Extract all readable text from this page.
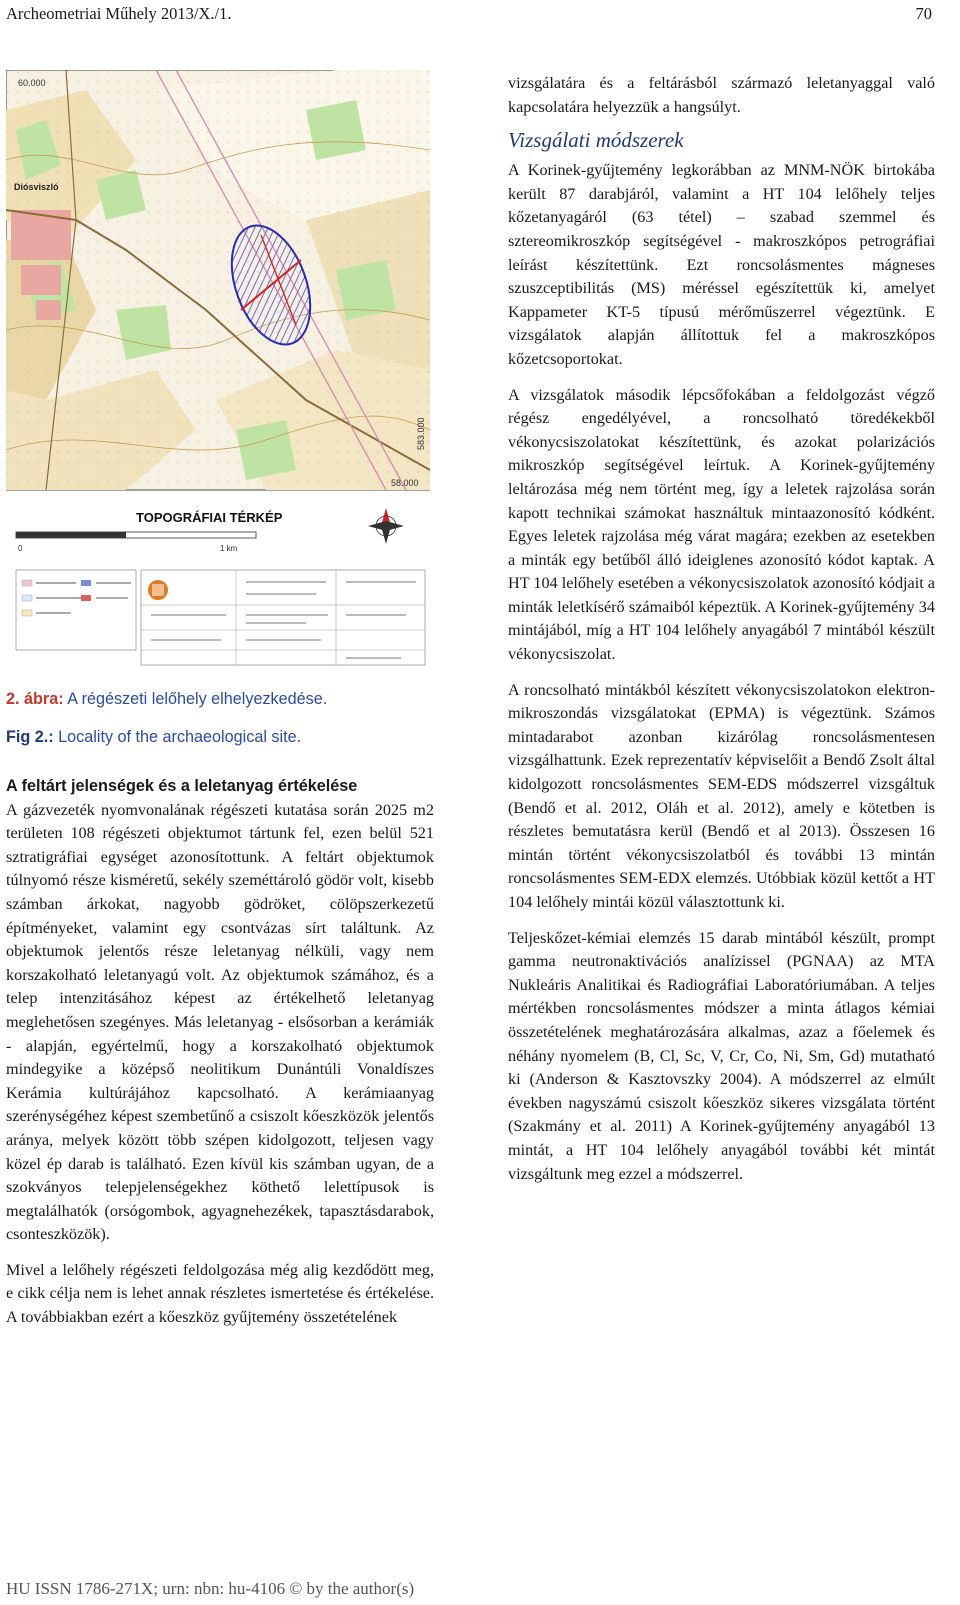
Archeometriai Műhely 2013/X./1.	70
60.000
Diósviszló
58.000
583.000
TOPOGRÁFIAI TÉRKÉP
0	1 km

2. ábra: A régészeti lelőhely elhelyezkedése.

Fig 2.: Locality of the archaeological site.

A feltárt jelenségek és a leletanyag értékelése

A gázvezeték nyomvonalának régészeti kutatása során 2025 m2 területen 108 régészeti objektumot tártunk fel, ezen belül 521 sztratigráfiai egységet azonosítottunk. A feltárt objektumok túlnyomó része kisméretű, sekély szeméttároló gödör volt, kisebb számban árkokat, nagyobb gödröket, cölöpszerkezetű építményeket, valamint egy csontvázas sírt találtunk. Az objektumok jelentős része leletanyag nélküli, vagy nem korszakolható leletanyagú volt. Az objektumok számához, és a telep intenzitásához képest az értékelhető leletanyag meglehetősen szegényes. Más leletanyag - elsősorban a kerámiák - alapján, egyértelmű, hogy a korszakolható objektumok mindegyike a középső neolitikum Dunántúli Vonaldíszes Kerámia kultúrájához kapcsolható. A kerámiaanyag szerénységéhez képest szembetűnő a csiszolt kőeszközök jelentős aránya, melyek között több szépen kidolgozott, teljesen vagy közel ép darab is található. Ezen kívül kis számban ugyan, de a szokványos telepjelenségekhez köthető lelettípusok is megtalálhatók (orsógombok, agyagnehezékek, tapasztásdarabok, csonteszközök).

Mivel a lelőhely régészeti feldolgozása még alig kezdődött meg, e cikk célja nem is lehet annak részletes ismertetése és értékelése. A továbbiakban ezért a kőeszköz gyűjtemény összetételének

vizsgálatára és a feltárásból származó leletanyaggal való kapcsolatára helyezzük a hangsúlyt.

Vizsgálati módszerek

A Korinek-gyűjtemény legkorábban az MNM-NÖK birtokába került 87 darabjáról, valamint a HT 104 lelőhely teljes kőzetanyagáról (63 tétel) – szabad szemmel és sztereomikroszkóp segítségével - makroszkópos petrográfiai leírást készítettünk. Ezt roncsolásmentes mágneses szuszceptibilitás (MS) méréssel egészítettük ki, amelyet Kappameter KT-5 típusú mérőműszerrel végeztünk. E vizsgálatok alapján állítottuk fel a makroszkópos kőzetcsoportokat.

A vizsgálatok második lépcsőfokában a feldolgozást végző régész engedélyével, a roncsolható töredékekből vékonycsiszolatokat készítettünk, és azokat polarizációs mikroszkóp segítségével leírtuk. A Korinek-gyűjtemény leltározása még nem történt meg, így a leletek rajzolása során kapott technikai számokat használtuk mintaazonosító kódként. Egyes leletek rajzolása még várat magára; ezekben az esetekben a minták egy betűből álló ideiglenes azonosító kódot kaptak. A HT 104 lelőhely esetében a vékonycsiszolatok azonosító kódjait a minták leletkísérő számaiból képeztük. A Korinek-gyűjtemény 34 mintájából, míg a HT 104 lelőhely anyagából 7 mintából készült vékonycsiszolat.

A roncsolható mintákból készített vékonycsiszolatokon elektron-mikroszondás vizsgálatokat (EPMA) is végeztünk. Számos mintadarabot azonban kizárólag roncsolásmentesen vizsgálhattunk. Ezek reprezentatív képviselőit a Bendő Zsolt által kidolgozott roncsolásmentes SEM-EDS módszerrel vizsgáltuk (Bendő et al. 2012, Oláh et al. 2012), amely e kötetben is részletes bemutatásra kerül (Bendő et al 2013). Összesen 16 mintán történt vékonycsiszolatból és további 13 mintán roncsolásmentes SEM-EDX elemzés. Utóbbiak közül kettőt a HT 104 lelőhely mintái közül választottunk ki.

Teljeskőzet-kémiai elemzés 15 darab mintából készült, prompt gamma neutronaktivációs analízissel (PGNAA) az MTA Nukleáris Analitikai és Radiográfiai Laboratóriumában. A teljes mértékben roncsolásmentes módszer a minta átlagos kémiai összetételének meghatározására alkalmas, azaz a főelemek és néhány nyomelem (B, Cl, Sc, V, Cr, Co, Ni, Sm, Gd) mutatható ki (Anderson & Kasztovszky 2004). A módszerrel az elmúlt években nagyszámú csiszolt kőeszköz sikeres vizsgálata történt (Szakmány et al. 2011) A Korinek-gyűjtemény anyagából 13 mintát, a HT 104 lelőhely anyagából további két mintát vizsgáltunk meg ezzel a módszerrel.

HU ISSN 1786-271X; urn: nbn: hu-4106 © by the author(s)
